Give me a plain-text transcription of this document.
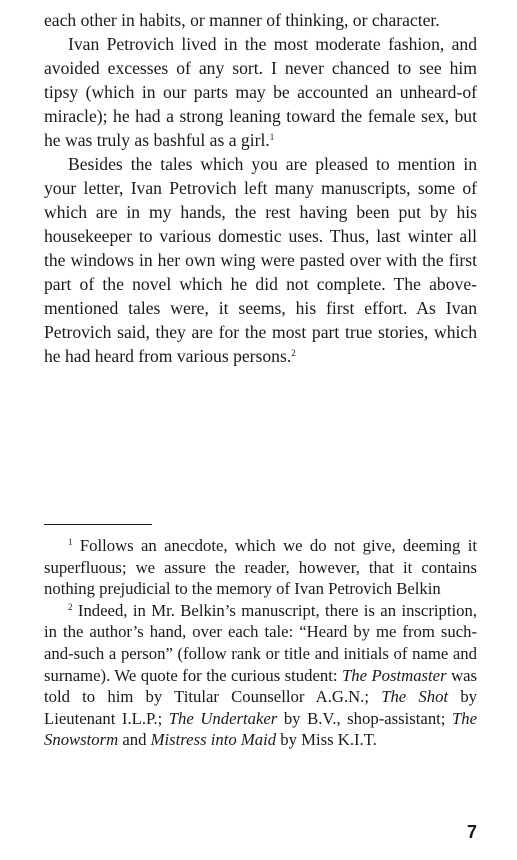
each other in habits, or manner of thinking, or character.

Ivan Petrovich lived in the most moderate fashion, and avoided excesses of any sort. I never chanced to see him tipsy (which in our parts may be accounted an unheard-of miracle); he had a strong leaning toward the female sex, but he was truly as bashful as a girl.$^1$

Besides the tales which you are pleased to mention in your letter, Ivan Petrovich left many manuscripts, some of which are in my hands, the rest having been put by his housekeeper to various domestic uses. Thus, last winter all the windows in her own wing were pasted over with the first part of the novel which he did not complete. The above-mentioned tales were, it seems, his first effort. As Ivan Petrovich said, they are for the most part true stories, which he had heard from various persons.$^2$

$^1$ Follows an anecdote, which we do not give, deeming it superfluous; we assure the reader, however, that it contains nothing prejudicial to the memory of Ivan Petrovich Belkin

$^2$ Indeed, in Mr. Belkin’s manuscript, there is an inscription, in the author’s hand, over each tale: “Heard by me from such-and-such a person” (follow rank or title and initials of name and surname). We quote for the curious student: The Postmaster was told to him by Titular Counsellor A.G.N.; The Shot by Lieutenant I.L.P.; The Undertaker by B.V., shop-assistant; The Snowstorm and Mistress into Maid by Miss K.I.T.

7
